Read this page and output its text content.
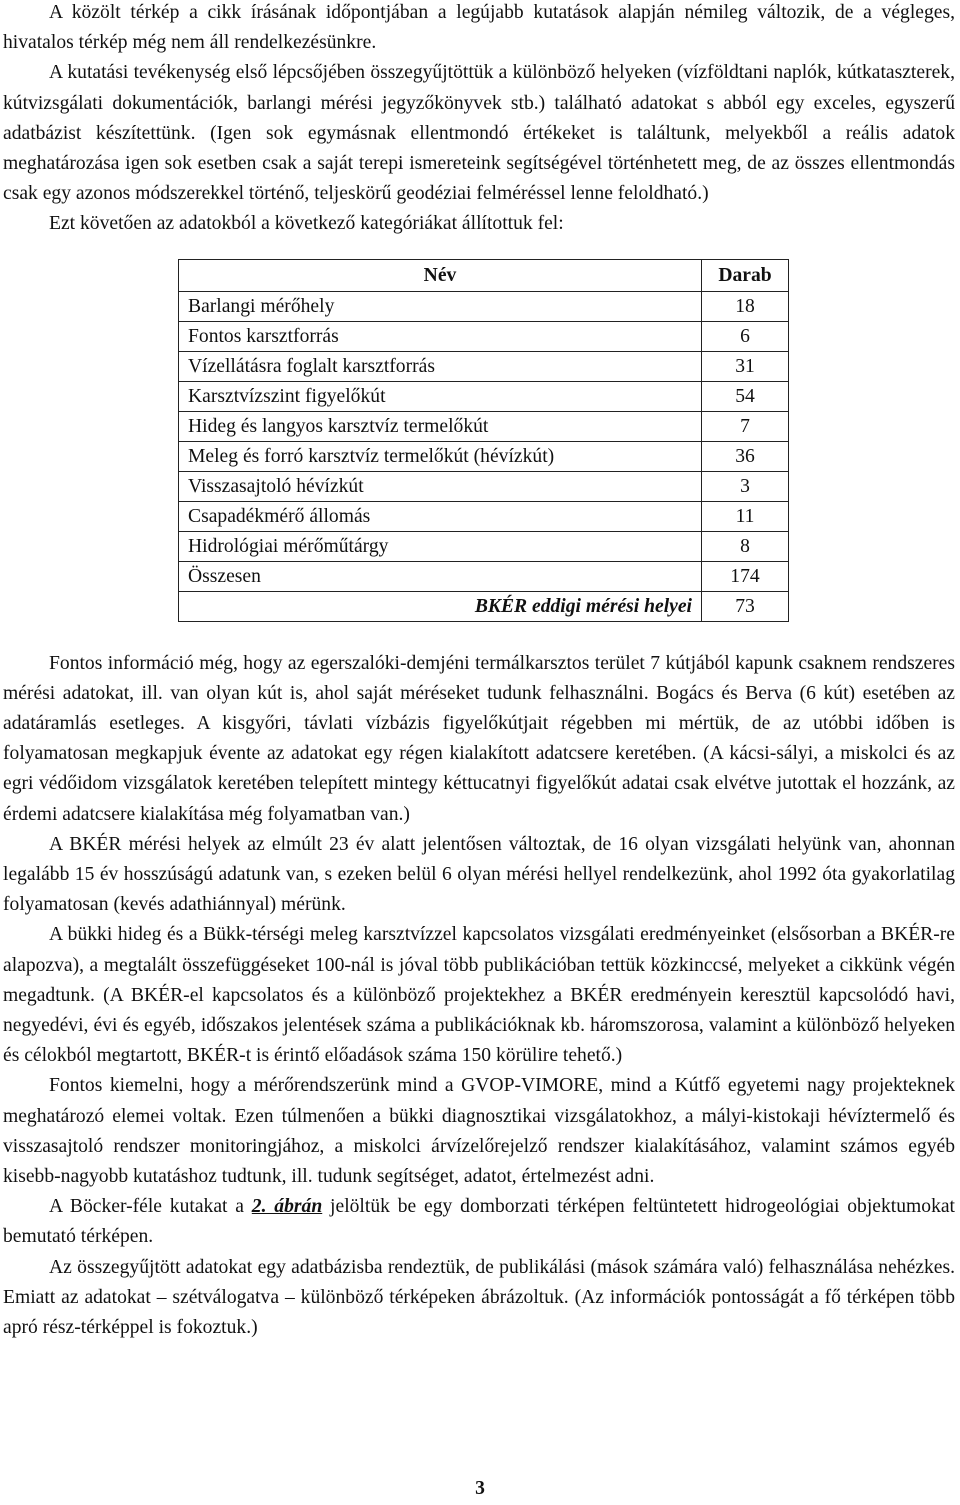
A közölt térkép a cikk írásának időpontjában a legújabb kutatások alapján némileg változik, de a végleges, hivatalos térkép még nem áll rendelkezésünkre.

A kutatási tevékenység első lépcsőjében összegyűjtöttük a különböző helyeken (vízföldtani naplók, kútkataszterek, kútvizsgálati dokumentációk, barlangi mérési jegyzőkönyvek stb.) található adatokat s abból egy exceles, egyszerű adatbázist készítettünk. (Igen sok egymásnak ellentmondó értékeket is találtunk, melyekből a reális adatok meghatározása igen sok esetben csak a saját terepi ismereteink segítségével történhetett meg, de az összes ellentmondás csak egy azonos módszerekkel történő, teljeskörű geodéziai felméréssel lenne feloldható.)

Ezt követően az adatokból a következő kategóriákat állítottuk fel:

Név	Darab
Barlangi mérőhely	18
Fontos karsztforrás	6
Vízellátásra foglalt karsztforrás	31
Karsztvízszint figyelőkút	54
Hideg és langyos karsztvíz termelőkút	7
Meleg és forró karsztvíz termelőkút (hévízkút)	36
Visszasajtoló hévízkút	3
Csapadékmérő állomás	11
Hidrológiai mérőműtárgy	8
Összesen	174
BKÉR eddigi mérési helyei	73

Fontos információ még, hogy az egerszalóki-demjéni termálkarsztos terület 7 kútjából kapunk csaknem rendszeres mérési adatokat, ill. van olyan kút is, ahol saját méréseket tudunk felhasználni. Bogács és Berva (6 kút) esetében az adatáramlás esetleges. A kisgyőri, távlati vízbázis figyelőkútjait régebben mi mértük, de az utóbbi időben is folyamatosan megkapjuk évente az adatokat egy régen kialakított adatcsere keretében. (A kácsi-sályi, a miskolci és az egri védőidom vizsgálatok keretében telepített mintegy kéttucatnyi figyelőkút adatai csak elvétve jutottak el hozzánk, az érdemi adatcsere kialakítása még folyamatban van.)

A BKÉR mérési helyek az elmúlt 23 év alatt jelentősen változtak, de 16 olyan vizsgálati helyünk van, ahonnan legalább 15 év hosszúságú adatunk van, s ezeken belül 6 olyan mérési hellyel rendelkezünk, ahol 1992 óta gyakorlatilag folyamatosan (kevés adathiánnyal) mérünk.

A bükki hideg és a Bükk-térségi meleg karsztvízzel kapcsolatos vizsgálati eredményeinket (elsősorban a BKÉR-re alapozva), a megtalált összefüggéseket 100-nál is jóval több publikációban tettük közkinccsé, melyeket a cikkünk végén megadtunk. (A BKÉR-el kapcsolatos és a különböző projektekhez a BKÉR eredményein keresztül kapcsolódó havi, negyedévi, évi és egyéb, időszakos jelentések száma a publikációknak kb. háromszorosa, valamint a különböző helyeken és célokból megtartott, BKÉR-t is érintő előadások száma 150 körülire tehető.)

Fontos kiemelni, hogy a mérőrendszerünk mind a GVOP-VIMORE, mind a Kútfő egyetemi nagy projekteknek meghatározó elemei voltak. Ezen túlmenően a bükki diagnosztikai vizsgálatokhoz, a mályi-kistokaji hévíztermelő és visszasajtoló rendszer monitoringjához, a miskolci árvízelőrejelző rendszer kialakításához, valamint számos egyéb kisebb-nagyobb kutatáshoz tudtunk, ill. tudunk segítséget, adatot, értelmezést adni.

A Böcker-féle kutakat a 2. ábrán jelöltük be egy domborzati térképen feltüntetett hidrogeológiai objektumokat bemutató térképen.

Az összegyűjtött adatokat egy adatbázisba rendeztük, de publikálási (mások számára való) felhasználása nehézkes. Emiatt az adatokat – szétválogatva – különböző térképeken ábrázoltuk. (Az információk pontosságát a fő térképen több apró rész-térképpel is fokoztuk.)

3
